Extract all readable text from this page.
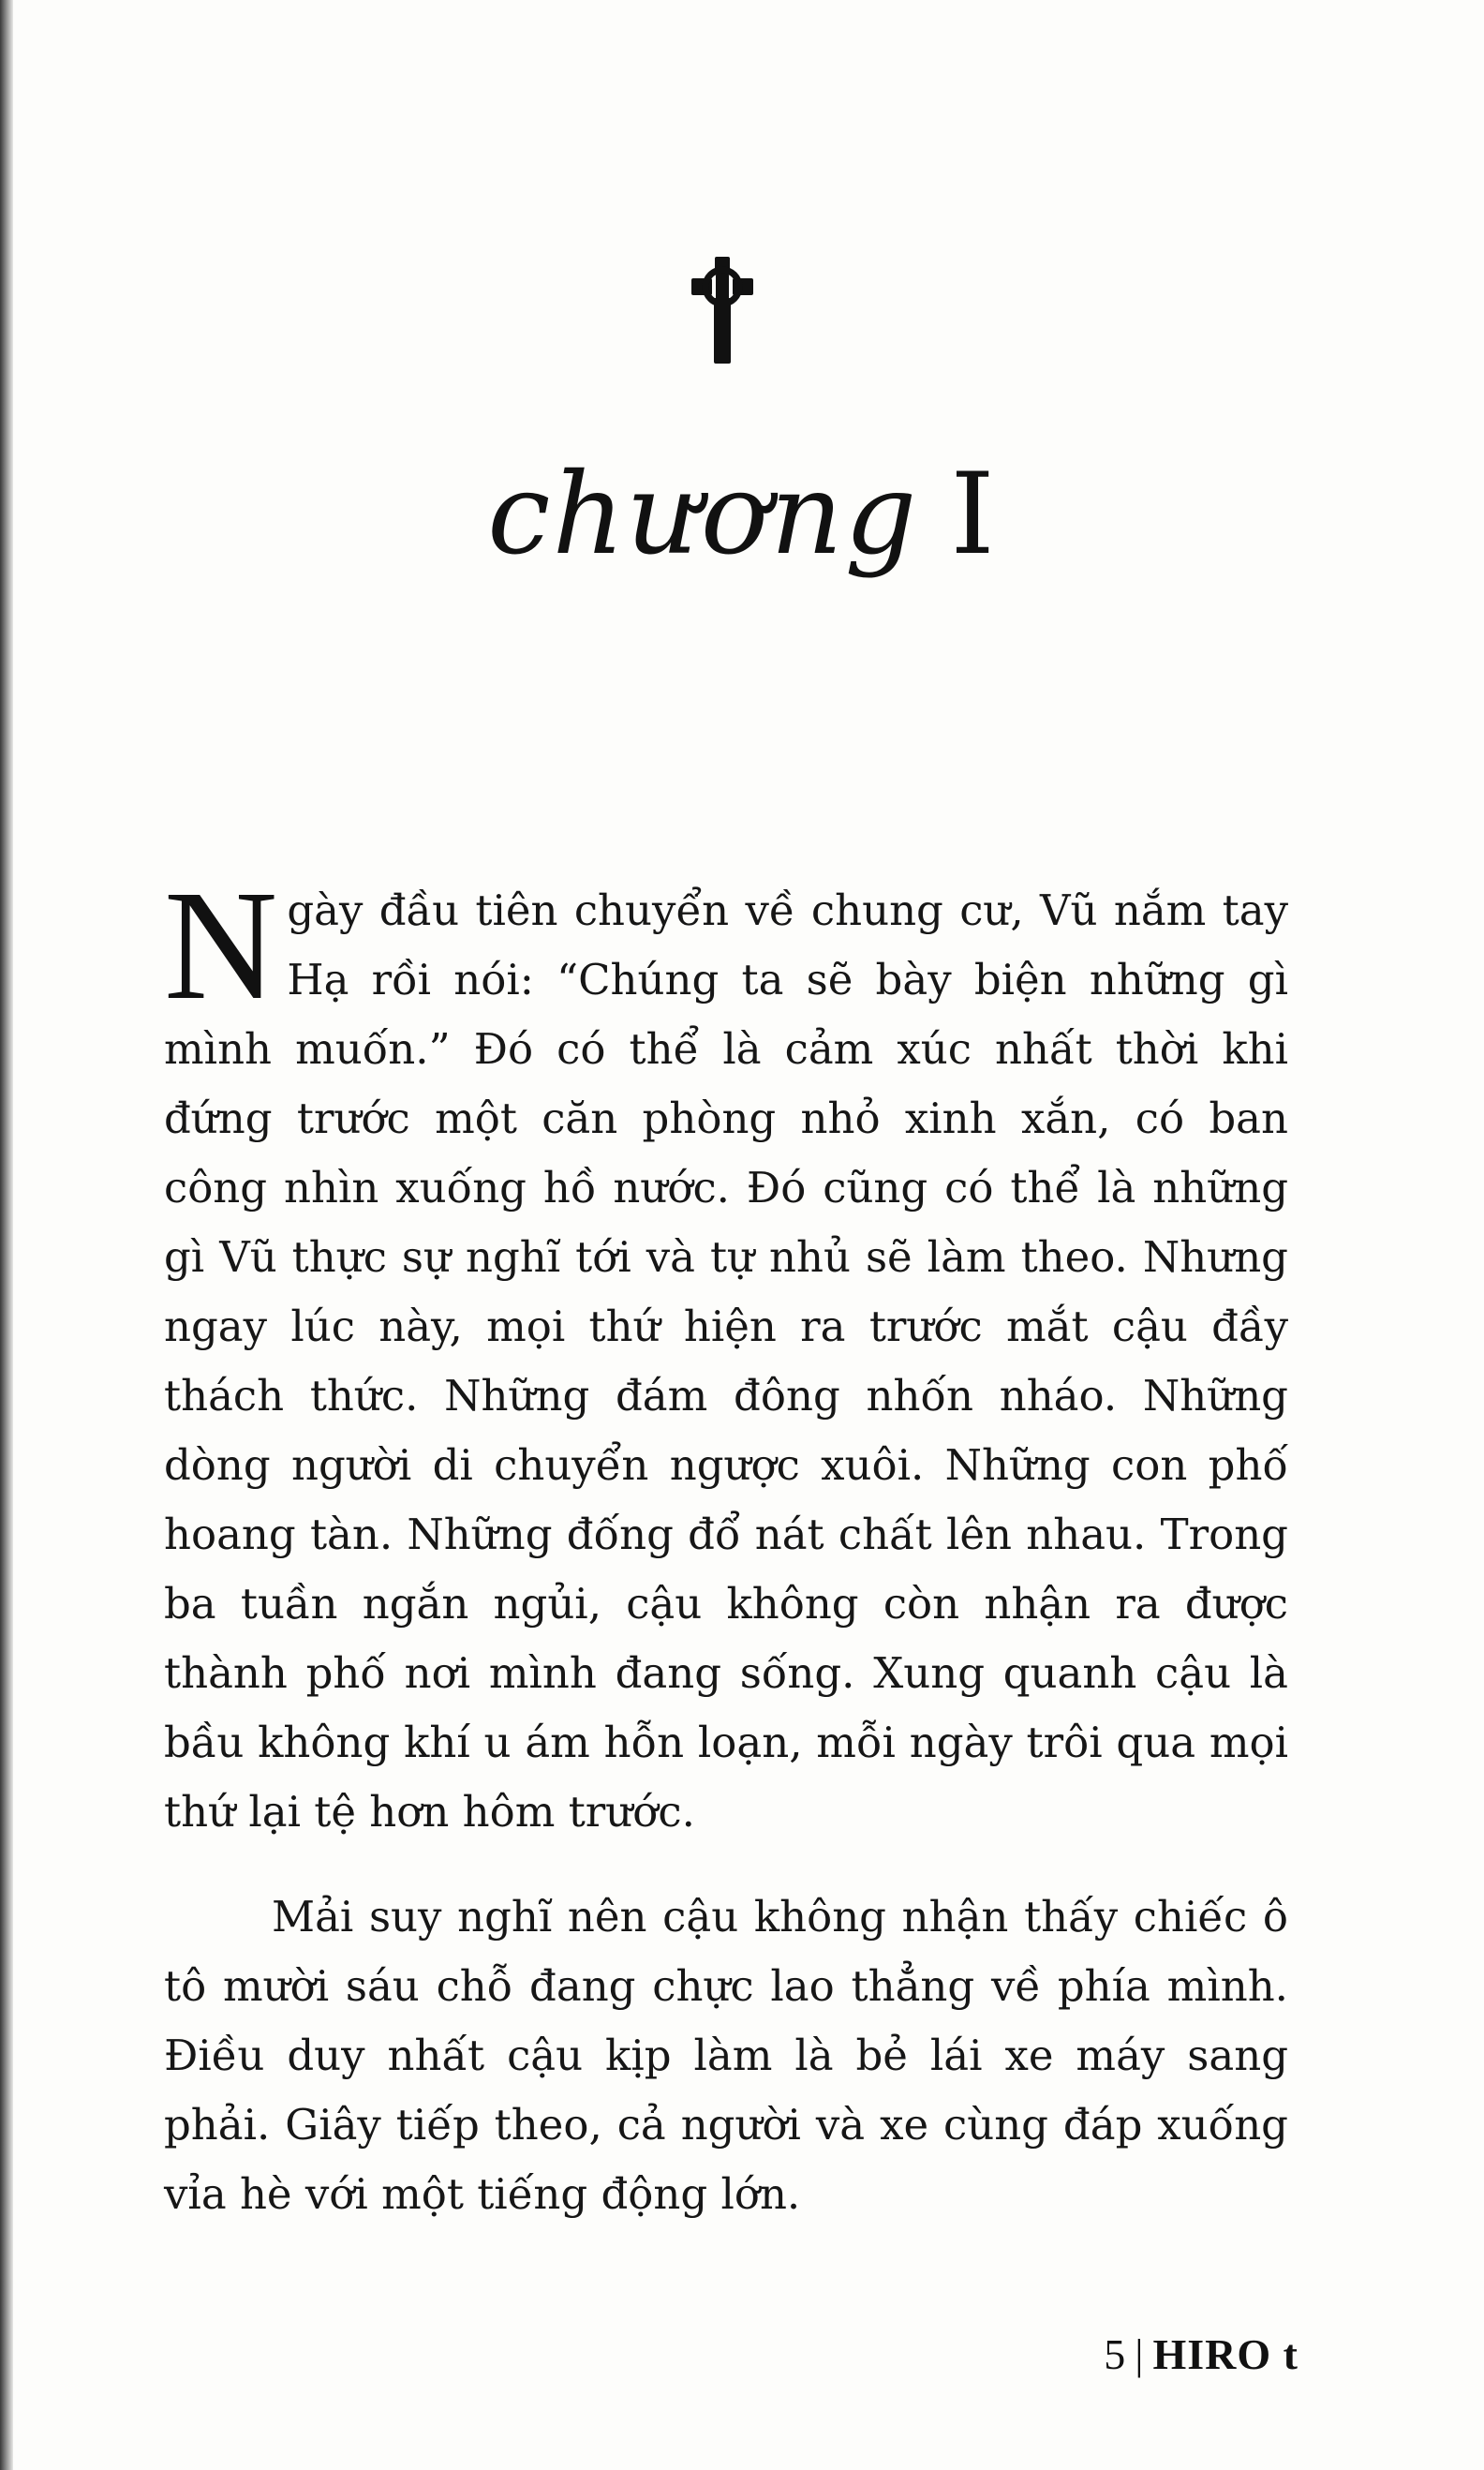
chương I

Ngày đầu tiên chuyển về chung cư, Vũ nắm tay Hạ rồi nói: “Chúng ta sẽ bày biện những gì mình muốn.” Đó có thể là cảm xúc nhất thời khi đứng trước một căn phòng nhỏ xinh xắn, có ban công nhìn xuống hồ nước. Đó cũng có thể là những gì Vũ thực sự nghĩ tới và tự nhủ sẽ làm theo. Nhưng ngay lúc này, mọi thứ hiện ra trước mắt cậu đầy thách thức. Những đám đông nhốn nháo. Những dòng người di chuyển ngược xuôi. Những con phố hoang tàn. Những đống đổ nát chất lên nhau. Trong ba tuần ngắn ngủi, cậu không còn nhận ra được thành phố nơi mình đang sống. Xung quanh cậu là bầu không khí u ám hỗn loạn, mỗi ngày trôi qua mọi thứ lại tệ hơn hôm trước.

Mải suy nghĩ nên cậu không nhận thấy chiếc ô tô mười sáu chỗ đang chực lao thẳng về phía mình. Điều duy nhất cậu kịp làm là bẻ lái xe máy sang phải. Giây tiếp theo, cả người và xe cùng đáp xuống vỉa hè với một tiếng động lớn.

5 | HIRO t
